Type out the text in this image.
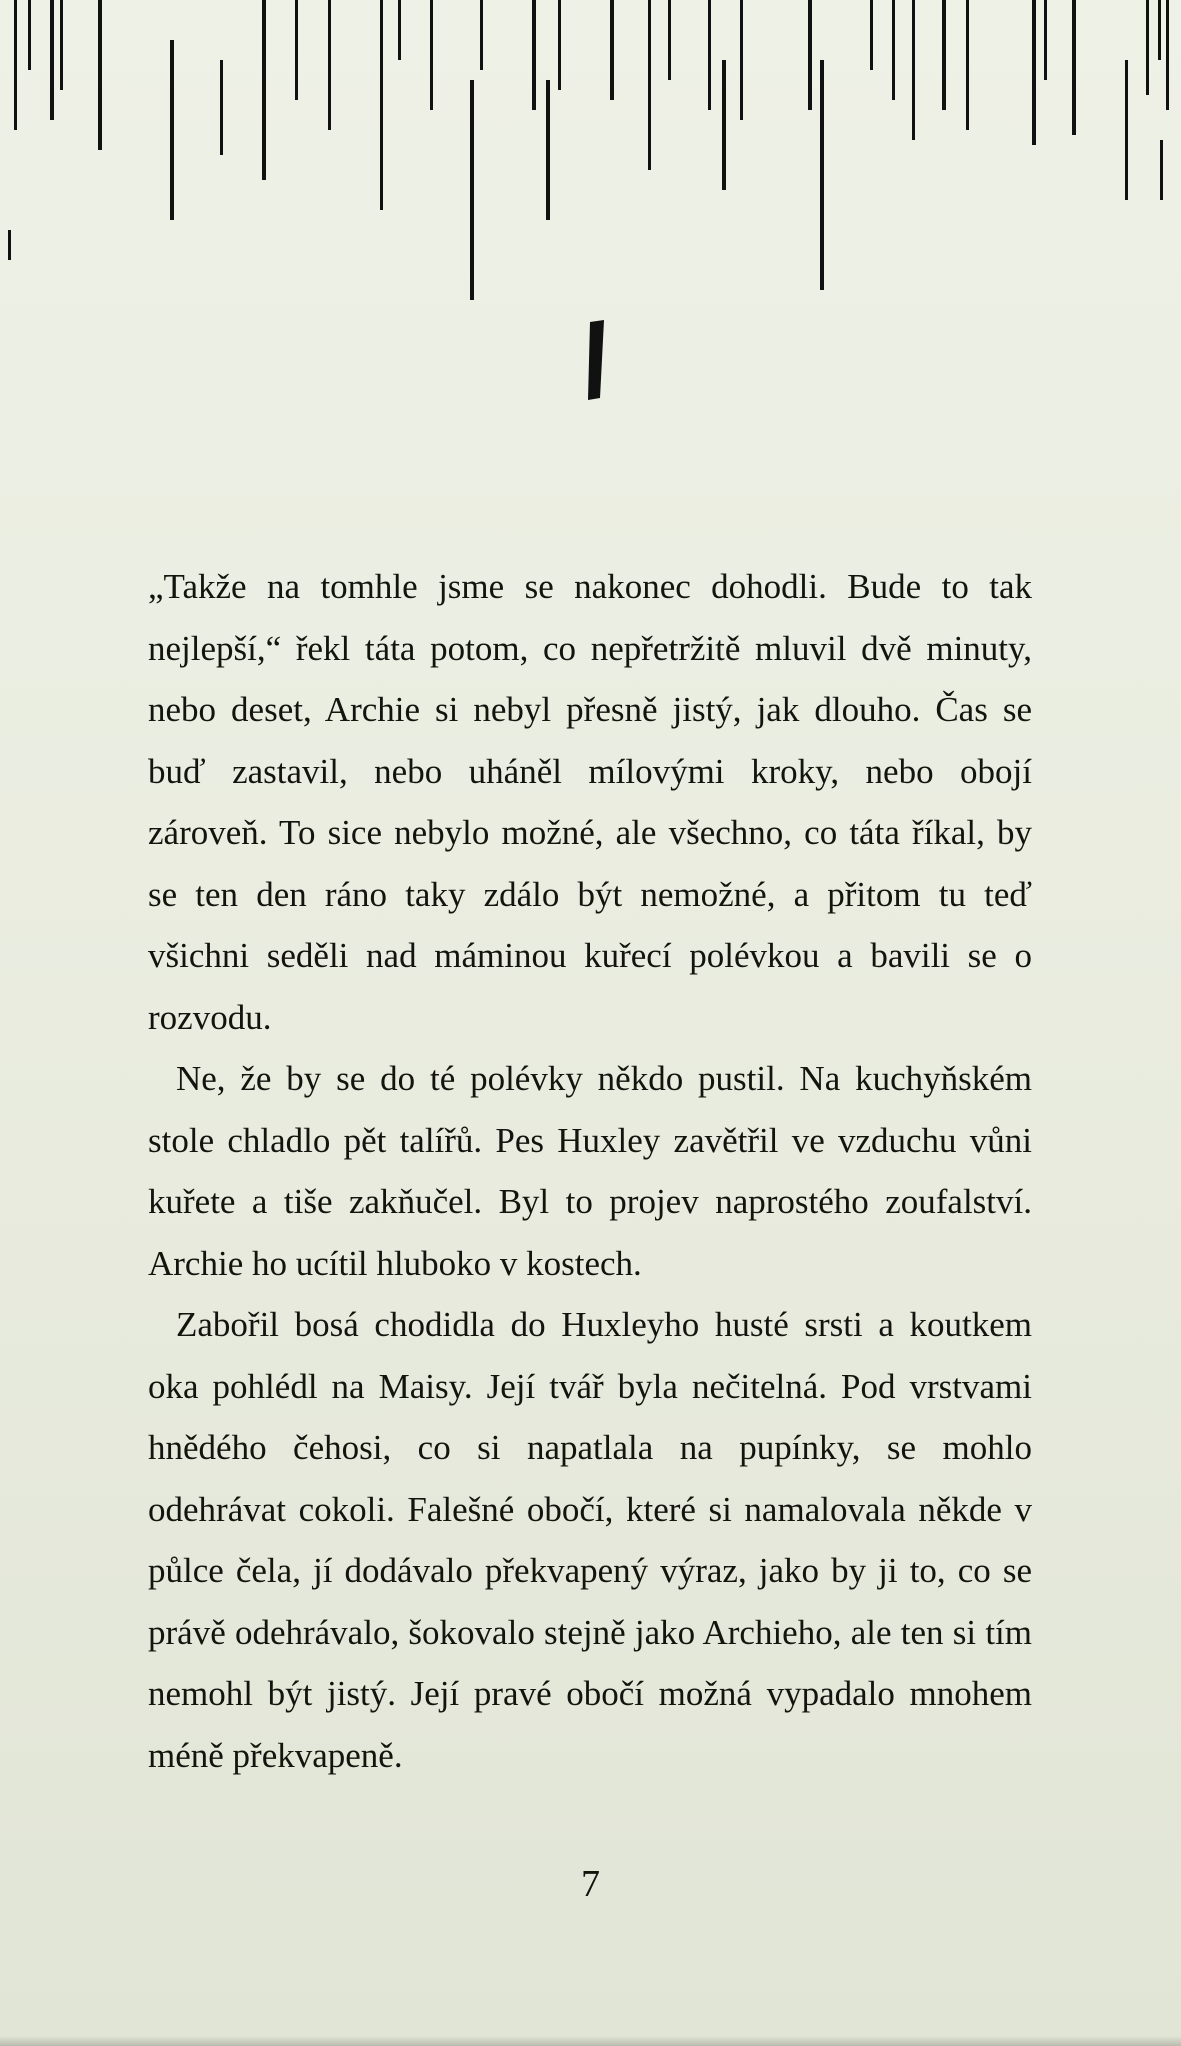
„Takže na tomhle jsme se nakonec dohodli. Bude to tak nejlepší,“ řekl táta potom, co nepřetržitě mluvil dvě minuty, nebo deset, Archie si nebyl přesně jistý, jak dlouho. Čas se buď zastavil, nebo uháněl mílovými kroky, nebo obojí zároveň. To sice nebylo možné, ale všechno, co táta říkal, by se ten den ráno taky zdálo být nemožné, a přitom tu teď všichni seděli nad máminou kuřecí polévkou a bavili se o rozvodu.

Ne, že by se do té polévky někdo pustil. Na kuchyňském stole chladlo pět talířů. Pes Huxley zavětřil ve vzduchu vůni kuřete a tiše zakňučel. Byl to projev naprostého zoufalství. Archie ho ucítil hluboko v kostech.

Zabořil bosá chodidla do Huxleyho husté srsti a koutkem oka pohlédl na Maisy. Její tvář byla nečitelná. Pod vrstvami hnědého čehosi, co si napatlala na pupínky, se mohlo odehrávat cokoli. Falešné obočí, které si namalovala někde v půlce čela, jí dodávalo překvapený výraz, jako by ji to, co se právě odehrávalo, šokovalo stejně jako Archieho, ale ten si tím nemohl být jistý. Její pravé obočí možná vypadalo mnohem méně překvapeně.

7
